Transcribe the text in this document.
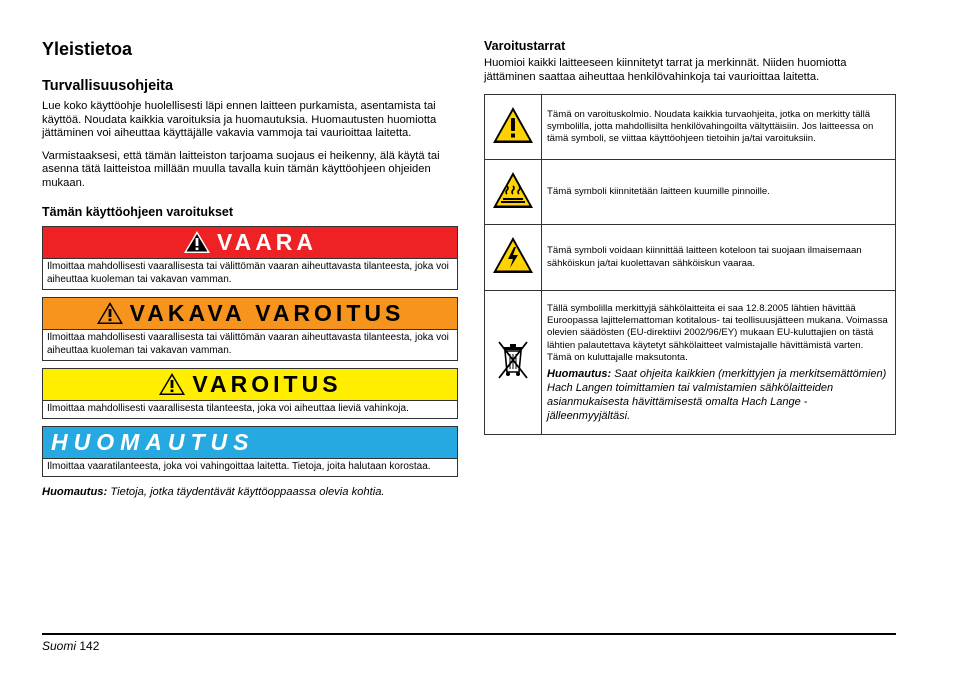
Yleistietoa
Turvallisuusohjeita

Lue koko käyttöohje huolellisesti läpi ennen laitteen purkamista, asentamista tai käyttöä. Noudata kaikkia varoituksia ja huomautuksia. Huomautusten huomiotta jättäminen voi aiheuttaa käyttäjälle vakavia vammoja tai vaurioittaa laitetta.

Varmistaaksesi, että tämän laitteiston tarjoama suojaus ei heikenny, älä käytä tai asenna tätä laitteistoa millään muulla tavalla kuin tämän käyttöohjeen ohjeiden mukaan.

Tämän käyttöohjeen varoitukset
VAARA
Ilmoittaa mahdollisesti vaarallisesta tai välittömän vaaran aiheuttavasta tilanteesta, joka voi aiheuttaa kuoleman tai vakavan vamman.
VAKAVA VAROITUS
Ilmoittaa mahdollisesti vaarallisesta tai välittömän vaaran aiheuttavasta tilanteesta, joka voi aiheuttaa kuoleman tai vakavan vamman.
VAROITUS
Ilmoittaa mahdollisesti vaarallisesta tilanteesta, joka voi aiheuttaa lieviä vahinkoja.
HUOMAUTUS
Ilmoittaa vaaratilanteesta, joka voi vahingoittaa laitetta. Tietoja, joita halutaan korostaa.
Huomautus: Tietoja, jotka täydentävät käyttöoppaassa olevia kohtia.
Varoitustarrat

Huomioi kaikki laitteeseen kiinnitetyt tarrat ja merkinnät. Niiden huomiotta jättäminen saattaa aiheuttaa henkilövahinkoja tai vaurioittaa laitetta.

	Tämä on varoituskolmio. Noudata kaikkia turvaohjeita, jotka on merkitty tällä symbolilla, jotta mahdollisilta henkilövahingoilta vältyttäisiin. Jos laitteessa on tämä symboli, se viittaa käyttöohjeen tietoihin ja/tai varoituksiin.
	Tämä symboli kiinnitetään laitteen kuumille pinnoille.
	Tämä symboli voidaan kiinnittää laitteen koteloon tai suojaan ilmaisemaan sähköiskun ja/tai kuolettavan sähköiskun vaaraa.

Tällä symbolilla merkittyjä sähkölaitteita ei saa 12.8.2005 lähtien hävittää Euroopassa lajittelemattoman kotitalous- tai teollisuusjätteen mukana. Voimassa olevien säädösten (EU-direktiivi 2002/96/EY) mukaan EU-kuluttajien on tästä lähtien palautettava käytetyt sähkölaitteet valmistajalle hävittämistä varten. Tämä on kuluttajalle maksutonta.
Huomautus: Saat ohjeita kaikkien (merkittyjen ja merkitsemättömien) Hach Langen toimittamien tai valmistamien sähkölaitteiden asianmukaisesta hävittämisestä omalta Hach Lange -jälleenmyyjältäsi.
Suomi 142
